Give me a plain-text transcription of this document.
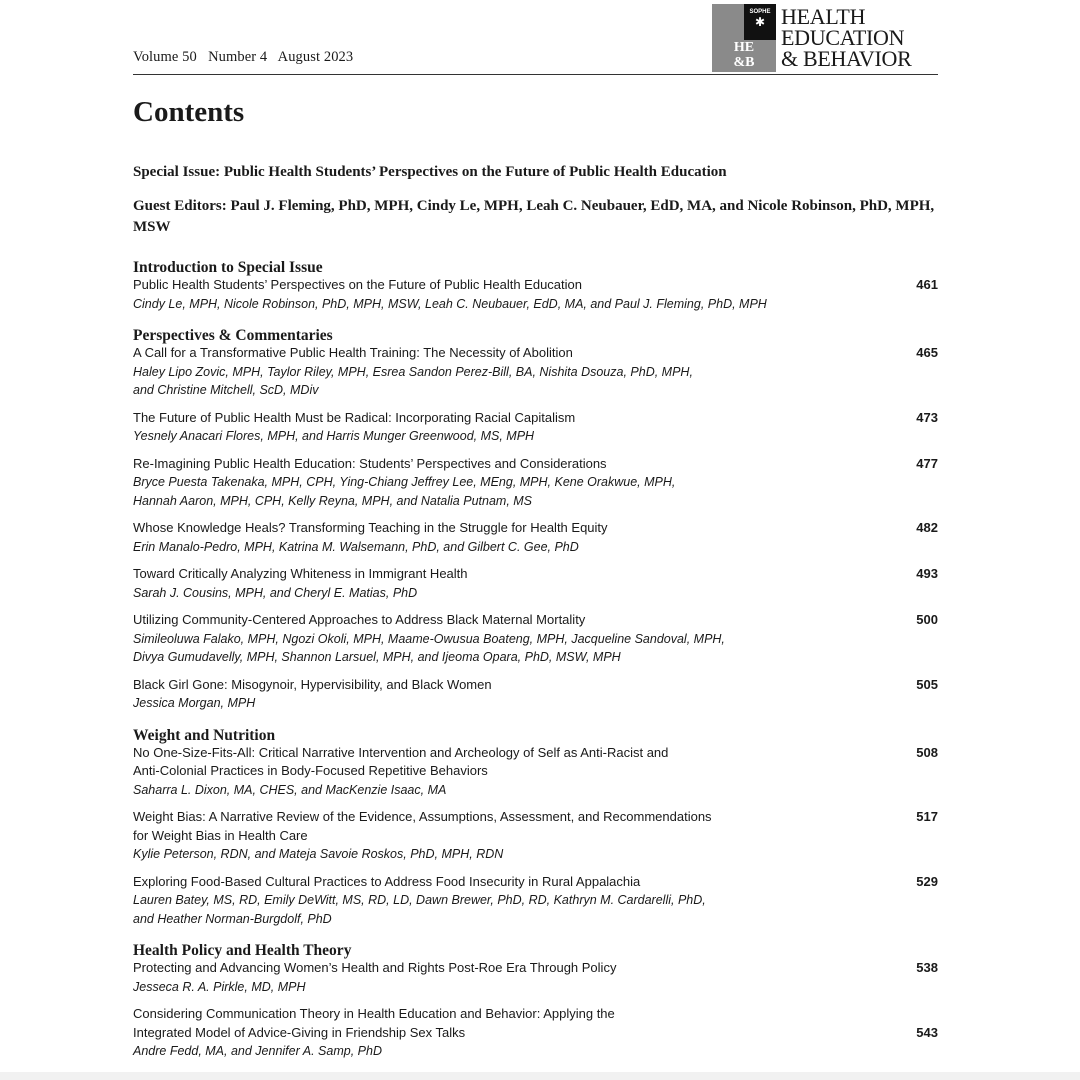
Volume 50 Number 4 August 2023
✱
SOPHE
HE
&B
HEALTH
EDUCATION
& BEHAVIOR
Contents
Special Issue: Public Health Students’ Perspectives on the Future of Public Health Education
Guest Editors: Paul J. Fleming, PhD, MPH, Cindy Le, MPH, Leah C. Neubauer, EdD, MA, and Nicole Robinson, PhD, MPH, MSW
Introduction to Special Issue
Public Health Students’ Perspectives on the Future of Public Health Education
Cindy Le, MPH, Nicole Robinson, PhD, MPH, MSW, Leah C. Neubauer, EdD, MA, and Paul J. Fleming, PhD, MPH
461
Perspectives & Commentaries
A Call for a Transformative Public Health Training: The Necessity of Abolition
Haley Lipo Zovic, MPH, Taylor Riley, MPH, Esrea Sandon Perez-Bill, BA, Nishita Dsouza, PhD, MPH,
and Christine Mitchell, ScD, MDiv
465
The Future of Public Health Must be Radical: Incorporating Racial Capitalism
Yesnely Anacari Flores, MPH, and Harris Munger Greenwood, MS, MPH
473
Re-Imagining Public Health Education: Students’ Perspectives and Considerations
Bryce Puesta Takenaka, MPH, CPH, Ying-Chiang Jeffrey Lee, MEng, MPH, Kene Orakwue, MPH,
Hannah Aaron, MPH, CPH, Kelly Reyna, MPH, and Natalia Putnam, MS
477
Whose Knowledge Heals? Transforming Teaching in the Struggle for Health Equity
Erin Manalo-Pedro, MPH, Katrina M. Walsemann, PhD, and Gilbert C. Gee, PhD
482
Toward Critically Analyzing Whiteness in Immigrant Health
Sarah J. Cousins, MPH, and Cheryl E. Matias, PhD
493
Utilizing Community-Centered Approaches to Address Black Maternal Mortality
Simileoluwa Falako, MPH, Ngozi Okoli, MPH, Maame-Owusua Boateng, MPH, Jacqueline Sandoval, MPH,
Divya Gumudavelly, MPH, Shannon Larsuel, MPH, and Ijeoma Opara, PhD, MSW, MPH
500
Black Girl Gone: Misogynoir, Hypervisibility, and Black Women
Jessica Morgan, MPH
505
Weight and Nutrition
No One-Size-Fits-All: Critical Narrative Intervention and Archeology of Self as Anti-Racist and
Anti-Colonial Practices in Body-Focused Repetitive Behaviors
Saharra L. Dixon, MA, CHES, and MacKenzie Isaac, MA
508
Weight Bias: A Narrative Review of the Evidence, Assumptions, Assessment, and Recommendations
for Weight Bias in Health Care
Kylie Peterson, RDN, and Mateja Savoie Roskos, PhD, MPH, RDN
517
Exploring Food-Based Cultural Practices to Address Food Insecurity in Rural Appalachia
Lauren Batey, MS, RD, Emily DeWitt, MS, RD, LD, Dawn Brewer, PhD, RD, Kathryn M. Cardarelli, PhD,
and Heather Norman-Burgdolf, PhD
529
Health Policy and Health Theory
Protecting and Advancing Women’s Health and Rights Post-Roe Era Through Policy
Jesseca R. A. Pirkle, MD, MPH
538
Considering Communication Theory in Health Education and Behavior: Applying the
Integrated Model of Advice-Giving in Friendship Sex Talks
Andre Fedd, MA, and Jennifer A. Samp, PhD
543
